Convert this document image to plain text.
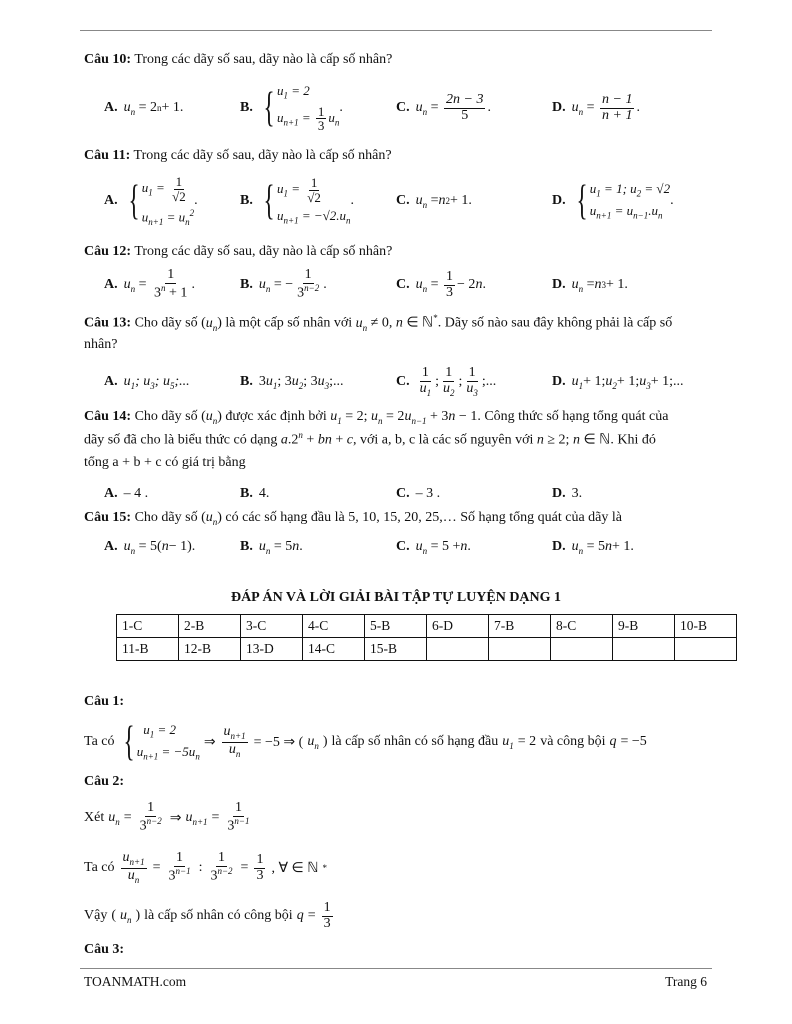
Câu 10: Trong các dãy số sau, dãy nào là cấp số nhân?
A. $u_n = 2$ n + 1.	B. { $u_1 = 2$
$u_{n+1} = \frac{1}{3} u_n$
.	C. $u_n = \frac{2n - 3}{5}$ .	D. $u_n = \frac{n - 1}{n + 1}$ .
Câu 11: Trong các dãy số sau, dãy nào là cấp số nhân?
A. { $u_1 = \frac{1}{√2}$
$u_{n+1} = u_n^2$
.	B. { $u_1 = \frac{1}{√2}$
$u_{n+1} = -√2.u_n$
.	C. $u_n = n$ 2 + 1.	D. { $u_1 = 1$; $u_2 = √2$
$u_{n+1} = u_{n-1}.u_n$
.
Câu 12: Trong các dãy số sau, dãy nào là cấp số nhân?
A. $u_n = \frac{1}{3^n + 1}$ .	B. $u_n$ = − $\frac{1}{3^{n-2}}$ .	C. $u_n = \frac{1}{3} - 2$ n .	D. $u_n = n$ 3 + 1.
Câu 13: Cho dãy số $(u_n)$ là một cấp số nhân với $u_n \ne 0$, n ∈ ℕ*. Dãy số nào sau đây không phải là cấp số
nhân?
A. $u_1$; $u_3$; $u_5$;...	B. 3 $u_1$ ; 3 $u_2$ ; 3 $u_3$ ;...	C. $\frac{1}{u_1}$ ; $\frac{1}{u_2}$ ; $\frac{1}{u_3}$ ;...	D. $u_1 + 1$; $u_2 + 1$; $u_3 + 1$;...
Câu 14: Cho dãy số $(u_n)$ được xác định bởi $u_1 = 2$; $u_n = 2u_{n-1} + 3n - 1$. Công thức số hạng tổng quát của
dãy số đã cho là biểu thức có dạng $a.2^n$ + bn + c, với a, b, c là các số nguyên với n ≥ 2; n ∈ ℕ. Khi đó
tổng a + b + c có giá trị bằng
A. – 4 .	B. 4.	C. – 3 .	D. 3.
Câu 15: Cho dãy số $(u_n)$ có các số hạng đầu là 5, 10, 15, 20, 25,… Số hạng tổng quát của dãy là
A. $u_n = 5$( n − 1).	B. $u_n = 5$ n .	C. $u_n = 5 + n$ .	D. $u_n = 5$ n + 1.
ĐÁP ÁN VÀ LỜI GIẢI BÀI TẬP TỰ LUYỆN DẠNG 1
1-C	2-B	3-C	4-C	5-B	6-D	7-B	8-C	9-B	10-B
11-B	12-B	13-D	14-C	15-B					
Câu 1:
Ta có { $u_1 = 2$
$u_{n+1} = -5u_n$
⇒ $\frac{u_{n+1}}{u_n} = -5$ ⇒ ( $u_n$ ) là cấp số nhân có số hạng đầu $u_1 = 2$ và công bội q = −5
Câu 2:
Xét $u_n = \frac{1}{3^{n-2}}$ ⇒ $u_{n+1} = \frac{1}{3^{n-1}}$
Ta có $\frac{u_{n+1}}{u_n} = \frac{1}{3^{n-1}}$ : $\frac{1}{3^{n-2}} = \frac{1}{3}$ , ∀ ∈ ℕ *
Vậy ( $u_n$ ) là cấp số nhân có công bội $q = \frac{1}{3}$
Câu 3:
TOANMATH.com	Trang 6
